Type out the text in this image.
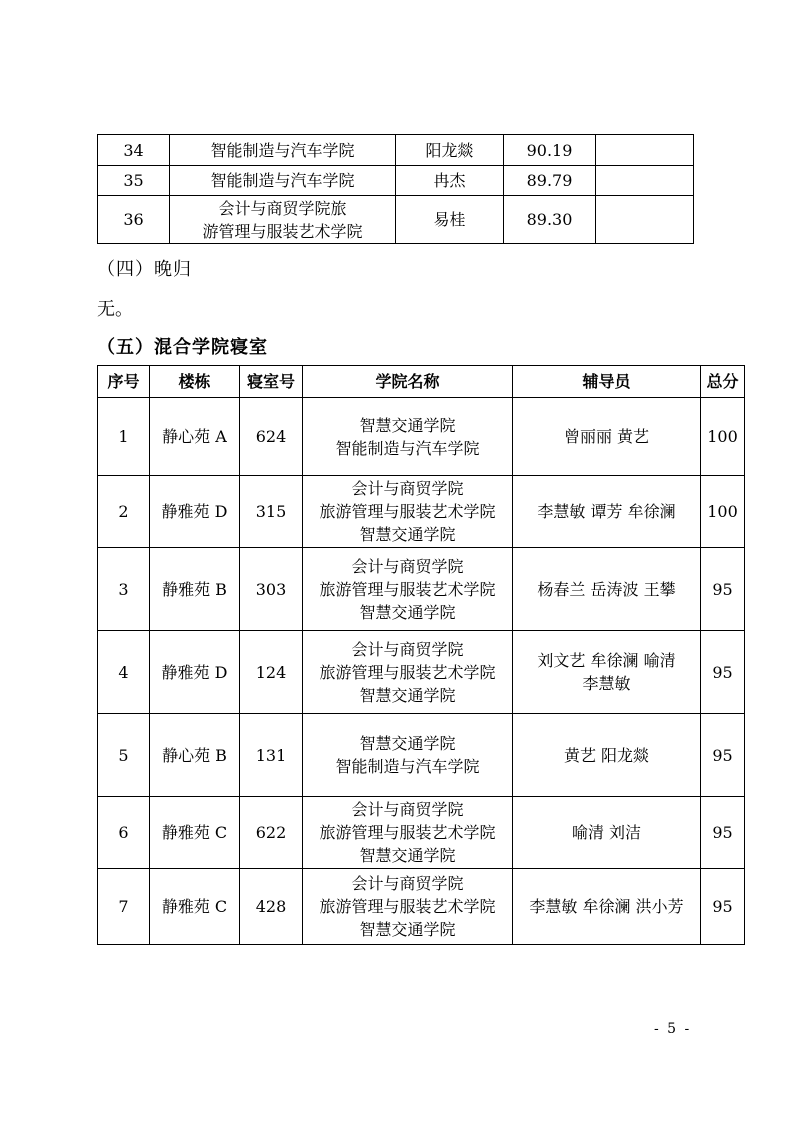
34	智能制造与汽车学院	阳龙燚	90.19	
35	智能制造与汽车学院	冉杰	89.79	
36	会计与商贸学院旅
游管理与服装艺术学院	易桂	89.30	

（四）晚归

无。

（五）混合学院寝室

序号	楼栋	寝室号	学院名称	辅导员	总分
1	静心苑 A	624	智慧交通学院
智能制造与汽车学院	曾丽丽 黄艺	100
2	静雅苑 D	315	会计与商贸学院
旅游管理与服装艺术学院
智慧交通学院	李慧敏 谭芳 牟徐澜	100
3	静雅苑 B	303	会计与商贸学院
旅游管理与服装艺术学院
智慧交通学院	杨春兰 岳涛波 王攀	95
4	静雅苑 D	124	会计与商贸学院
旅游管理与服装艺术学院
智慧交通学院	刘文艺 牟徐澜 喻清
李慧敏	95
5	静心苑 B	131	智慧交通学院
智能制造与汽车学院	黄艺 阳龙燚	95
6	静雅苑 C	622	会计与商贸学院
旅游管理与服装艺术学院
智慧交通学院	喻清 刘洁	95
7	静雅苑 C	428	会计与商贸学院
旅游管理与服装艺术学院
智慧交通学院	李慧敏 牟徐澜 洪小芳	95
- 5 -
